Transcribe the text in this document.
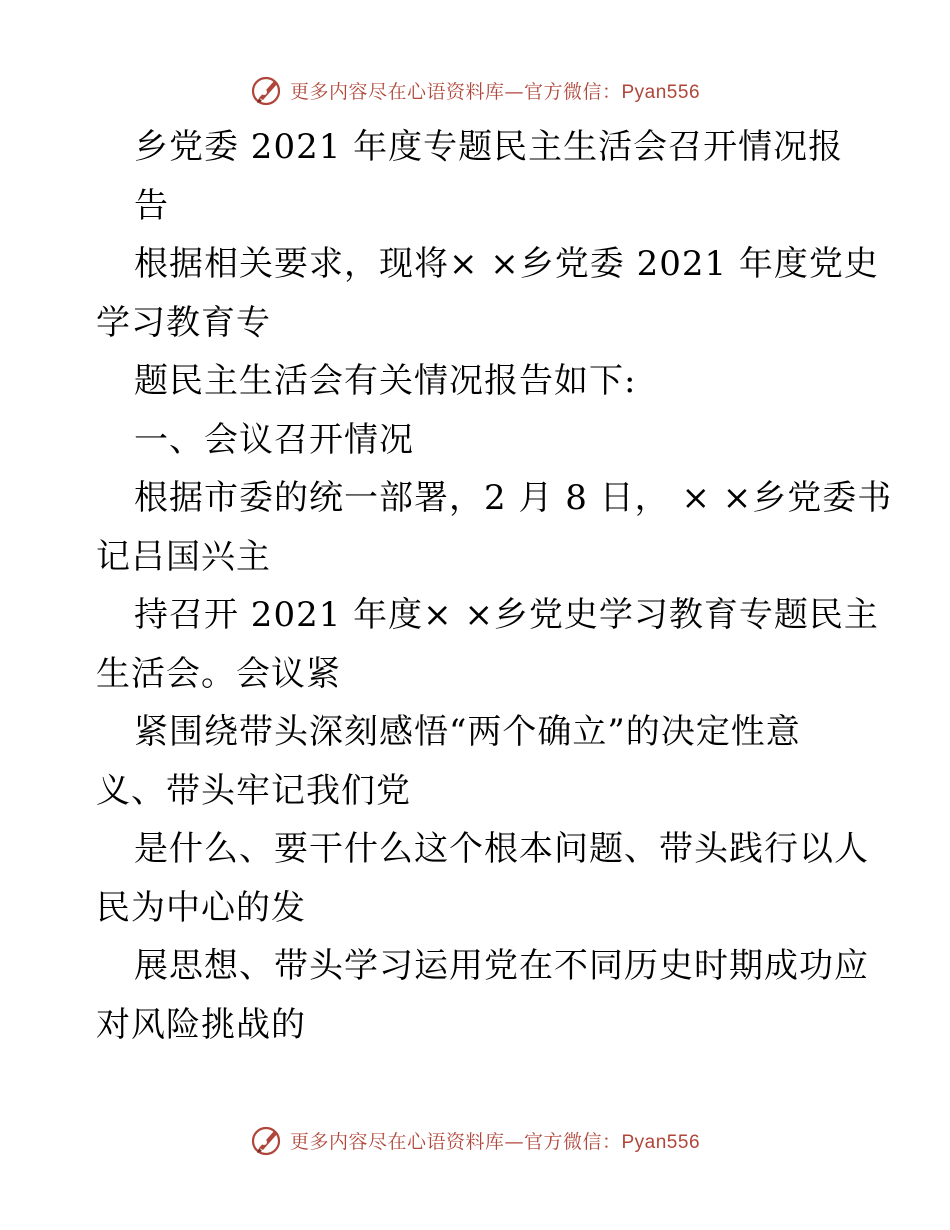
更多内容尽在心语资料库—官方微信：Pyan556
乡党委 2021 年度专题民主生活会召开情况报
告
根据相关要求，现将× ×乡党委 2021 年度党史
学习教育专
题民主生活会有关情况报告如下:
一、会议召开情况
根据市委的统一部署，2 月 8 日， × ×乡党委书
记吕国兴主
持召开 2021 年度× ×乡党史学习教育专题民主
生活会。会议紧
紧围绕带头深刻感悟“两个确立”的决定性意
义、带头牢记我们党
是什么、要干什么这个根本问题、带头践行以人
民为中心的发
展思想、带头学习运用党在不同历史时期成功应
对风险挑战的
更多内容尽在心语资料库—官方微信：Pyan556
